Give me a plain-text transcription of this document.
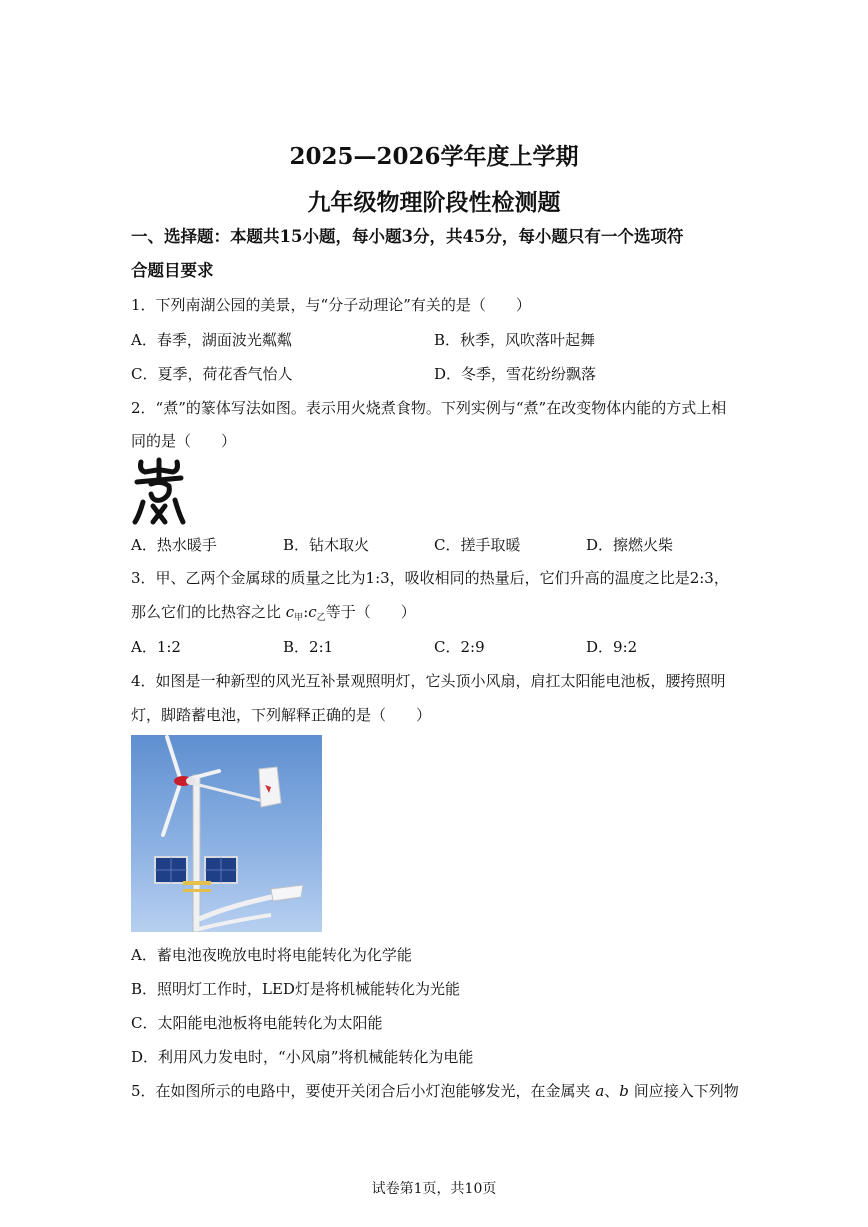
2025—2026学年度上学期
九年级物理阶段性检测题
一、选择题：本题共15小题，每小题3分，共45分，每小题只有一个选项符
合题目要求
1．下列南湖公园的美景，与“分子动理论”有关的是（　　）
A．春季，湖面波光粼粼	B．秋季，风吹落叶起舞
C．夏季，荷花香气怡人	D．冬季，雪花纷纷飘落
2．“煮”的篆体写法如图。表示用火烧煮食物。下列实例与“煮”在改变物体内能的方式上相
同的是（　　）
A．热水暖手	B．钻木取火	C．搓手取暖	D．擦燃火柴
3．甲、乙两个金属球的质量之比为1:3，吸收相同的热量后，它们升高的温度之比是2:3，
那么它们的比热容之比 $c_甲:c_乙$等于（　　）
A．1:2	B．2:1	C．2:9	D．9:2
4．如图是一种新型的风光互补景观照明灯，它头顶小风扇，肩扛太阳能电池板，腰挎照明
灯，脚踏蓄电池，下列解释正确的是（　　）
A．蓄电池夜晚放电时将电能转化为化学能
B．照明灯工作时，LED灯是将机械能转化为光能
C．太阳能电池板将电能转化为太阳能
D．利用风力发电时，“小风扇”将机械能转化为电能
5．在如图所示的电路中，要使开关闭合后小灯泡能够发光，在金属夹 a、b 间应接入下列物
试卷第1页，共10页
